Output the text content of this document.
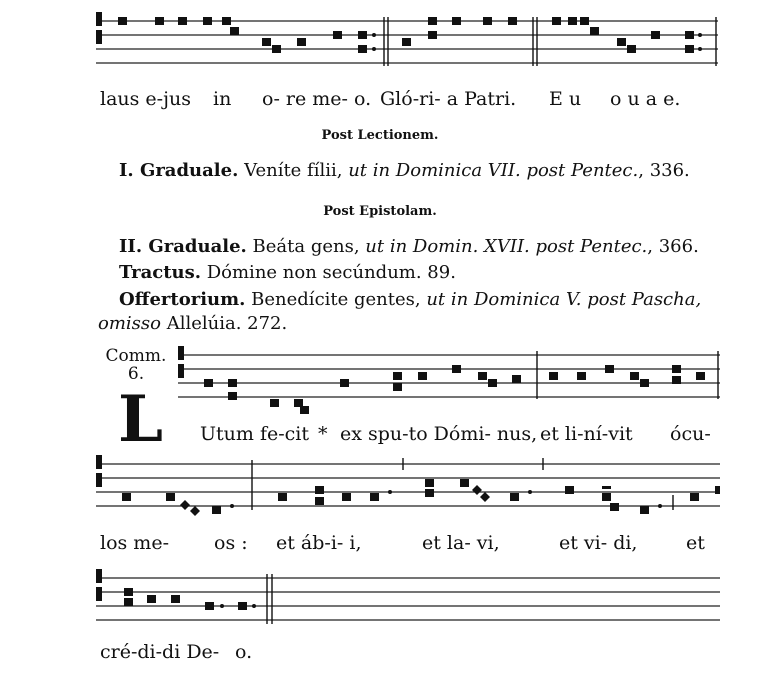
laus e-jus in o- re me- o. Gló-ri- a Patri. E u o u a e.
Post Lectionem.
I. Graduale. Veníte fílii, ut in Dominica VII. post Pentec., 336.
Post Epistolam.
II. Graduale. Beáta gens, ut in Domin. XVII. post Pentec., 366.
Tractus. Dómine non secúndum. 89.
Offertorium. Benedícite gentes, ut in Dominica V. post Pascha,
omisso Allelúia. 272.
Comm.
6.
L Utum fe-cit * ex spu-to Dómi- nus, et li-ní-vit ócu-
los me- os : et áb-i- i,	et la- vi,	et vi- di,	et
cré-di-di De- o.
